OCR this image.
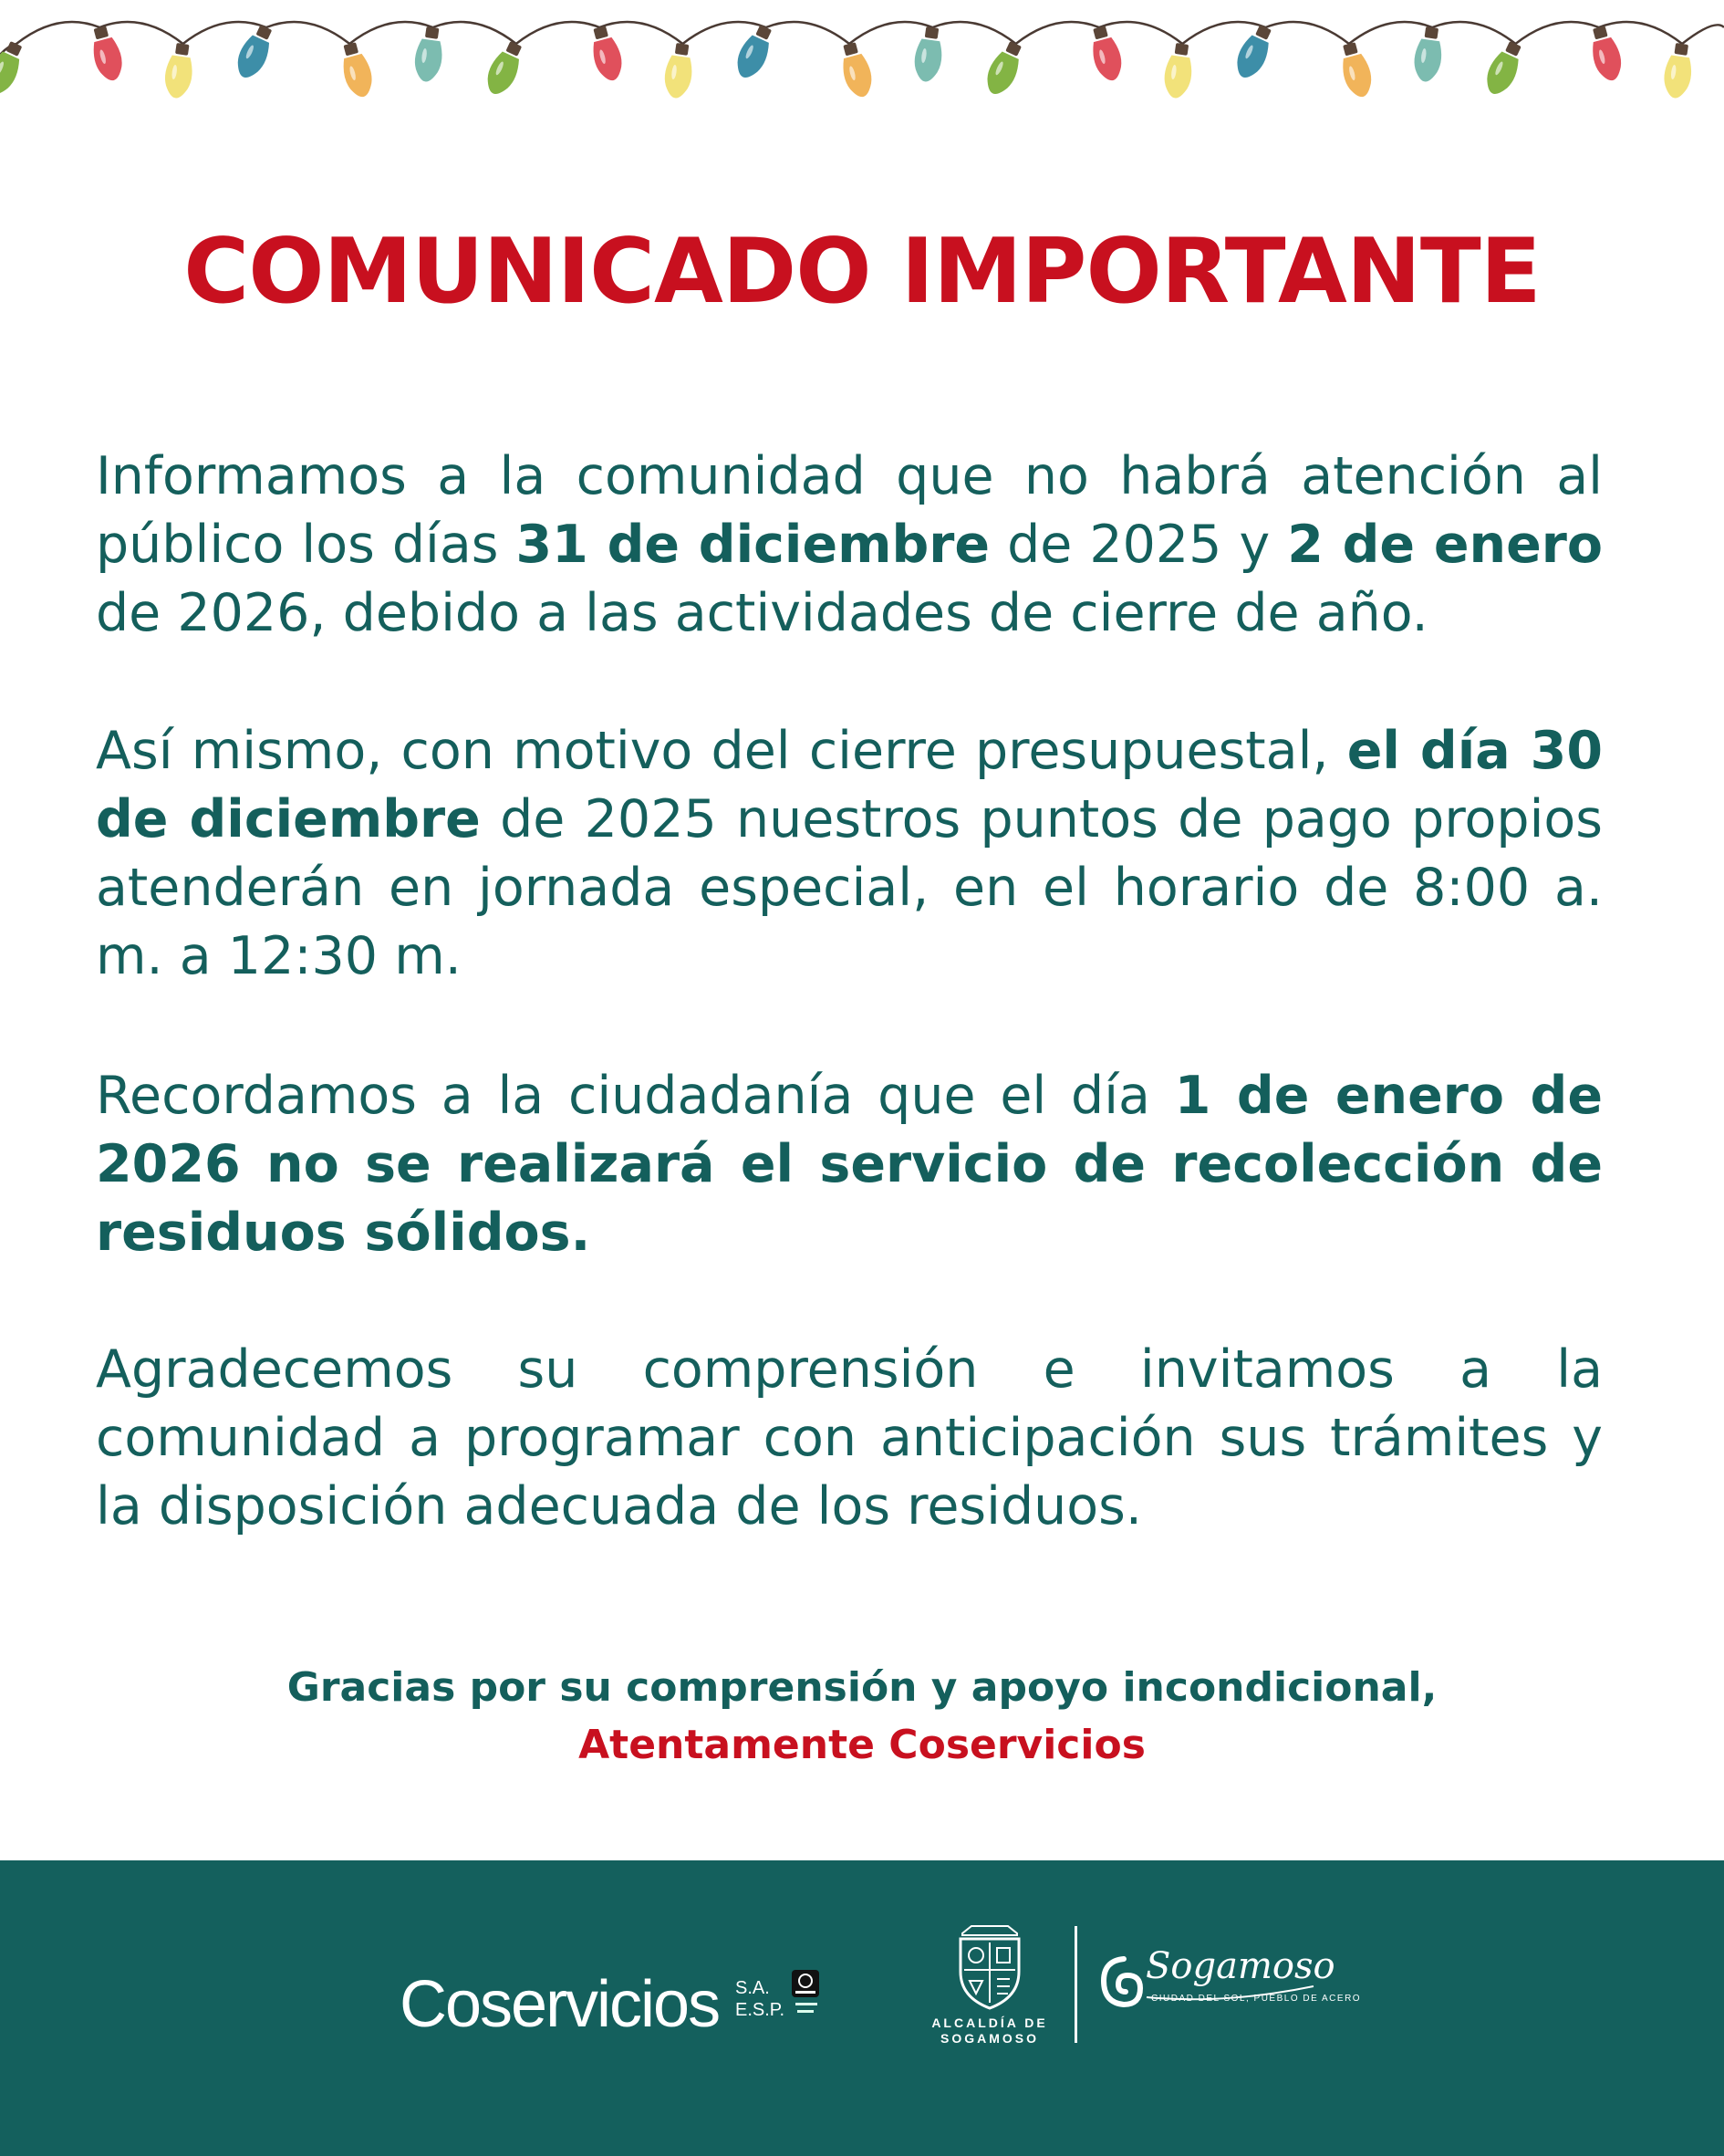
COMUNICADO IMPORTANTE

Informamos a la comunidad que no habrá atención al público los días 31 de diciembre de 2025 y 2 de enero de 2026, debido a las actividades de cierre de año.

Así mismo, con motivo del cierre presupuestal, el día 30 de diciembre de 2025 nuestros puntos de pago propios atenderán en jornada especial, en el horario de 8:00 a. m. a 12:30 m.

Recordamos a la ciudadanía que el día 1 de enero de 2026 no se realizará el servicio de recolección de residuos sólidos.

Agradecemos su comprensión e invitamos a la comunidad a programar con anticipación sus trámites y la disposición adecuada de los residuos.

Gracias por su comprensión y apoyo incondicional,
Atentamente Coservicios
Coservicios S.A.
E.S.P.
ALCALDÍA DE
SOGAMOSO
Sogamoso
CIUDAD DEL SOL, PUEBLO DE ACERO
